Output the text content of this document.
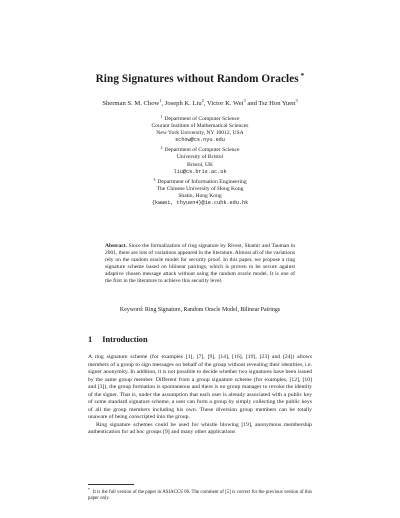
Ring Signatures without Random Oracles *
Sherman S. M. Chow$^1$, Joseph K. Liu$^2$, Victor K. Wei$^3$ and Tsz Hon Yuen$^3$
$^1$ Department of Computer Science
Courant Institute of Mathematical Sciences
New York University, NY 10012, USA
schow@cs.nyu.edu
$^2$ Department of Computer Science
University of Bristol
Bristol, UK
liu@cs.bris.ac.uk
$^3$ Department of Information Engineering
The Chinese University of Hong Kong
Shatin, Hong Kong
{kwwei, thyuen4}@ie.cuhk.edu.hk
Abstract. Since the formalization of ring signature by Rivest, Shamir and Tauman in 2001, there are lots of variations appeared in the literature. Almost all of the variations rely on the random oracle model for security proof. In this paper, we propose a ring signature scheme based on bilinear pairings, which is proven to be secure against adaptive chosen message attack without using the random oracle model. It is one of the first in the literature to achieve this security level.
Keyword: Ring Signature, Random Oracle Model, Bilinear Pairings
1 Introduction

A ring signature scheme (for examples [1], [7], [9], [14], [16], [19], [23] and [24]) allows members of a group to sign messages on behalf of the group without revealing their identities, i.e. signer anonymity. In addition, it is not possible to decide whether two signatures have been issued by the same group member. Different from a group signature scheme (for examples, [12], [10] and [3]), the group formation is spontaneous and there is no group manager to revoke the identity of the signer. That is, under the assumption that each user is already associated with a public key of some standard signature scheme, a user can form a group by simply collecting the public keys of all the group members including his own. These diversion group members can be totally unaware of being conscripted into the group.

Ring signature schemes could be used for whistle blowing [19], anonymous membership authentication for ad hoc groups [9] and many other applications

* It is the full version of the paper in ASIACCS 06. The comment of [5] is correct for the previous version of this paper only.
